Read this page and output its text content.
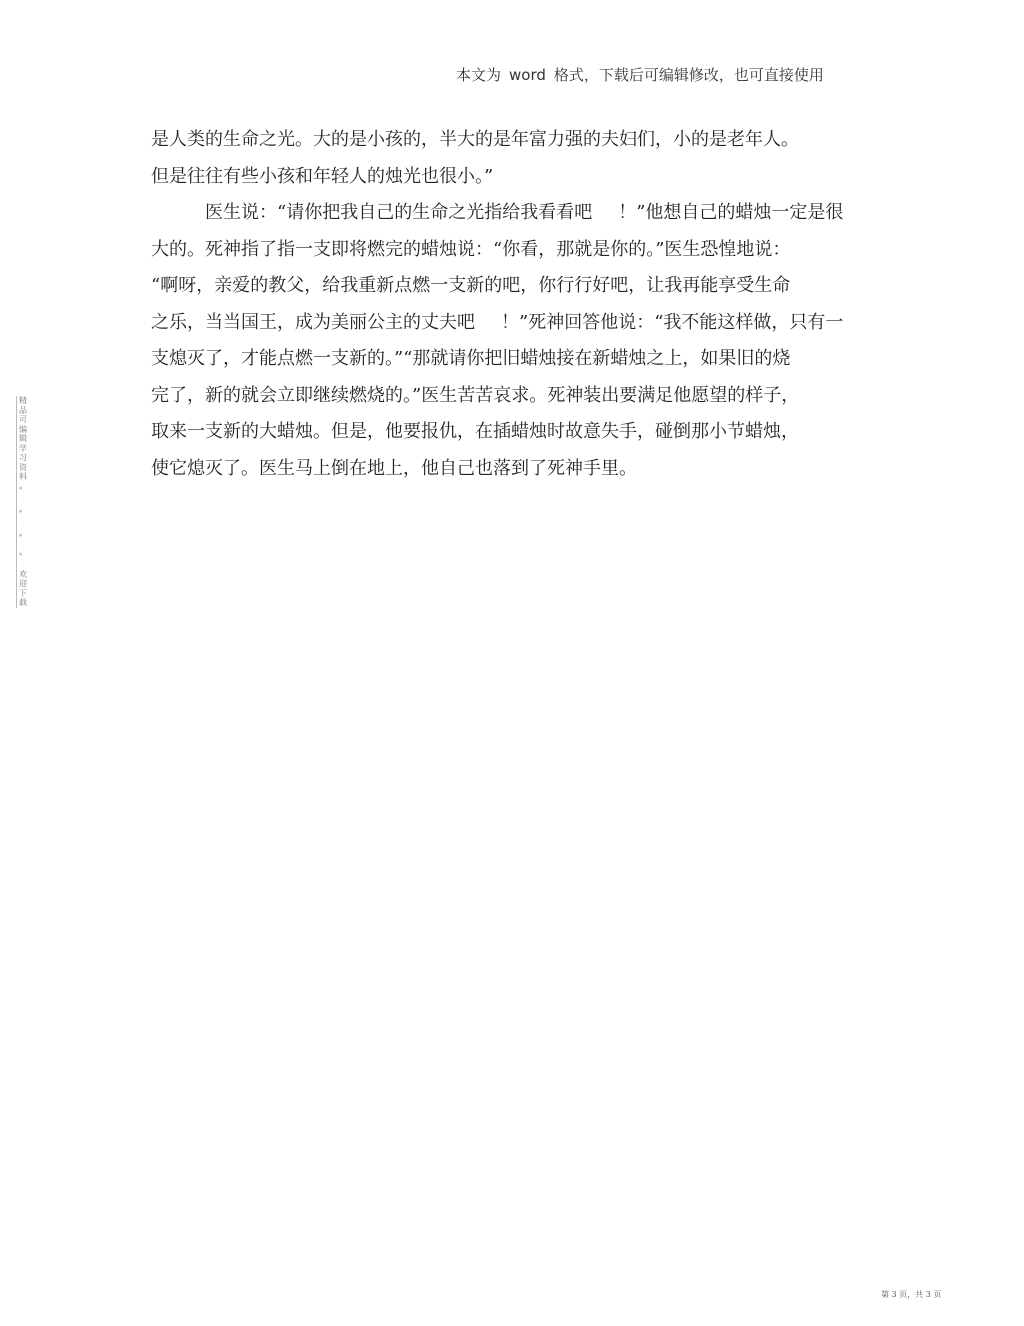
本文为 word 格式，下载后可编辑修改，也可直接使用
是人类的生命之光。大的是小孩的，半大的是年富力强的夫妇们，小的是老年人。
但是往往有些小孩和年轻人的烛光也很小。”
医生说：“请你把我自己的生命之光指给我看看吧 ！”他想自己的蜡烛一定是很
大的。死神指了指一支即将燃完的蜡烛说：“你看，那就是你的。”医生恐惶地说：
“啊呀，亲爱的教父，给我重新点燃一支新的吧，你行行好吧，让我再能享受生命
之乐，当当国王，成为美丽公主的丈夫吧 ！”死神回答他说：“我不能这样做，只有一
支熄灭了，才能点燃一支新的。”“那就请你把旧蜡烛接在新蜡烛之上，如果旧的烧
完了，新的就会立即继续燃烧的。”医生苦苦哀求。死神装出要满足他愿望的样子，
取来一支新的大蜡烛。但是，他要报仇，在插蜡烛时故意失手，碰倒那小节蜡烛，
使它熄灭了。医生马上倒在地上，他自己也落到了死神手里。
精
品
可
编
辑
学
习
资
料
*
*
*
*
欢
迎
下
载
第 3 页，共 3 页
